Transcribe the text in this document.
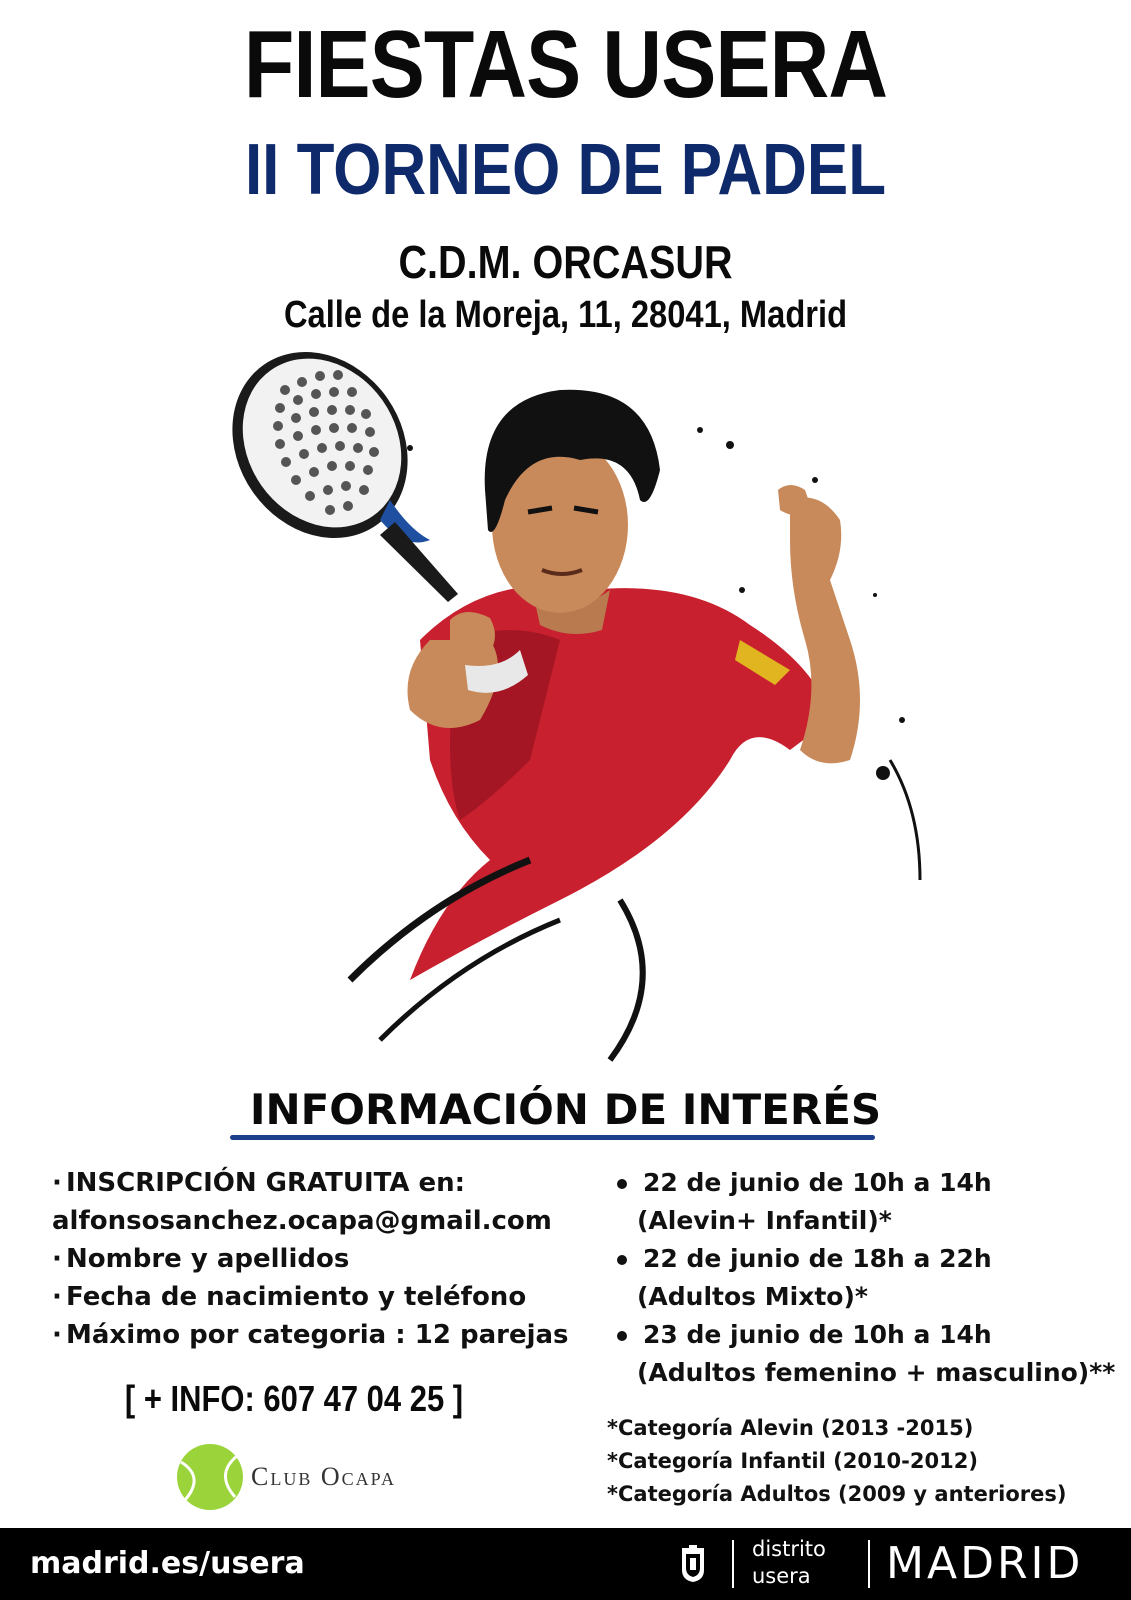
FIESTAS USERA
II TORNEO DE PADEL
C.D.M. ORCASUR
Calle de la Moreja, 11, 28041, Madrid
INFORMACIÓN DE INTERÉS
· INSCRIPCIÓN GRATUITA en:
alfonsosanchez.ocapa@gmail.com
· Nombre y apellidos
· Fecha de nacimiento y teléfono
· Máximo por categoria : 12 parejas
[ + INFO: 607 47 04 25 ]
Club Ocapa
22 de junio de 10h a 14h
(Alevin+ Infantil)*
22 de junio de 18h a 22h
(Adultos Mixto)*
23 de junio de 10h a 14h
(Adultos femenino + masculino)**
*Categoría Alevin (2013 -2015)
*Categoría Infantil (2010-2012)
*Categoría Adultos (2009 y anteriores)
madrid.es/usera	distrito
usera	MADRID
